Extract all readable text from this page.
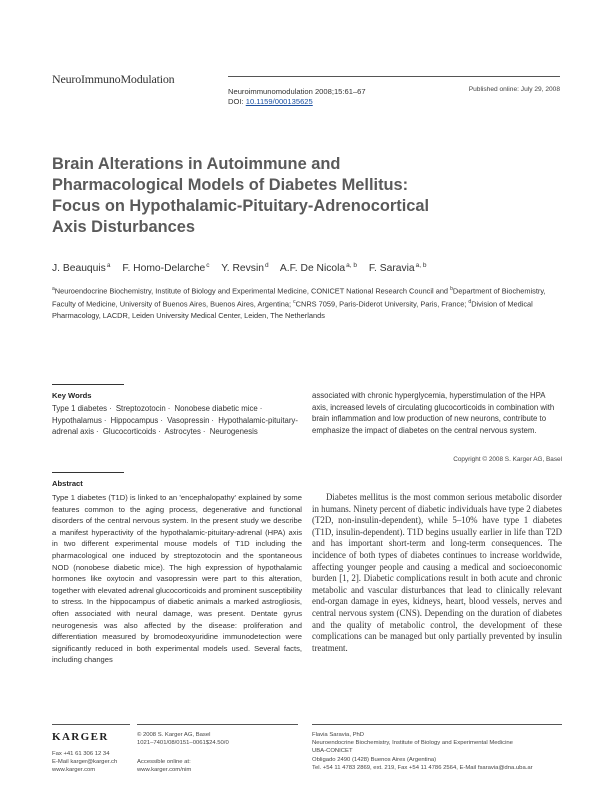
NeuroImmunoModulation
Neuroimmunomodulation 2008;15:61–67
DOI: 10.1159/000135625
Published online: July 29, 2008
Brain Alterations in Autoimmune and
Pharmacological Models of Diabetes Mellitus:
Focus on Hypothalamic-Pituitary-Adrenocortical
Axis Disturbances
J. Beauquis$^a$ F. Homo-Delarche$^c$ Y. Revsin$^d$ A.F. De Nicola$^{a, b}$ F. Saravia$^{a, b}$
$^a$Neuroendocrine Biochemistry, Institute of Biology and Experimental Medicine, CONICET National Research Council and $^b$Department of Biochemistry, Faculty of Medicine, University of Buenos Aires, Buenos Aires, Argentina; $^c$CNRS 7059, Paris-Diderot University, Paris, France; $^d$Division of Medical Pharmacology, LACDR, Leiden University Medical Center, Leiden, The Netherlands
Key Words
Type 1 diabetes · Streptozotocin · Nonobese diabetic mice · Hypothalamus · Hippocampus · Vasopressin · Hypothalamic-pituitary-adrenal axis · Glucocorticoids · Astrocytes · Neurogenesis
associated with chronic hyperglycemia, hyperstimulation of the HPA axis, increased levels of circulating glucocorticoids in combination with brain inflammation and low production of new neurons, contribute to emphasize the impact of diabetes on the central nervous system.
Copyright © 2008 S. Karger AG, Basel
Abstract
Type 1 diabetes (T1D) is linked to an 'encephalopathy' explained by some features common to the aging process, degenerative and functional disorders of the central nervous system. In the present study we describe a manifest hyperactivity of the hypothalamic-pituitary-adrenal (HPA) axis in two different experimental mouse models of T1D including the pharmacological one induced by streptozotocin and the spontaneous NOD (nonobese diabetic mice). The high expression of hypothalamic hormones like oxytocin and vasopressin were part to this alteration, together with elevated adrenal glucocorticoids and prominent susceptibility to stress. In the hippocampus of diabetic animals a marked astrogliosis, often associated with neural damage, was present. Dentate gyrus neurogenesis was also affected by the disease: proliferation and differentiation measured by bromodeoxyuridine immunodetection were significantly reduced in both experimental models used. Several facts, including changes
Diabetes mellitus is the most common serious metabolic disorder in humans. Ninety percent of diabetic individuals have type 2 diabetes (T2D, non-insulin-dependent), while 5–10% have type 1 diabetes (T1D, insulin-dependent). T1D begins usually earlier in life than T2D and has important short-term and long-term consequences. The incidence of both types of diabetes continues to increase worldwide, affecting younger people and causing a medical and socioeconomic burden [1, 2]. Diabetic complications result in both acute and chronic metabolic and vascular disturbances that lead to clinically relevant end-organ damage in eyes, kidneys, heart, blood vessels, nerves and central nervous system (CNS). Depending on the duration of diabetes and the quality of metabolic control, the development of these complications can be managed but only partially prevented by insulin treatment.
KARGER
Fax +41 61 306 12 34
E-Mail karger@karger.ch
www.karger.com
© 2008 S. Karger AG, Basel
1021–7401/08/0151–0061$24.50/0
Accessible online at:
www.karger.com/nim
Flavia Saravia, PhD
Neuroendocrine Biochemistry, Institute of Biology and Experimental Medicine
UBA-CONICET
Obligado 2490 (1428) Buenos Aires (Argentina)
Tel. +54 11 4783 2869, ext. 219, Fax +54 11 4786 2564, E-Mail fsaravia@dna.uba.ar
